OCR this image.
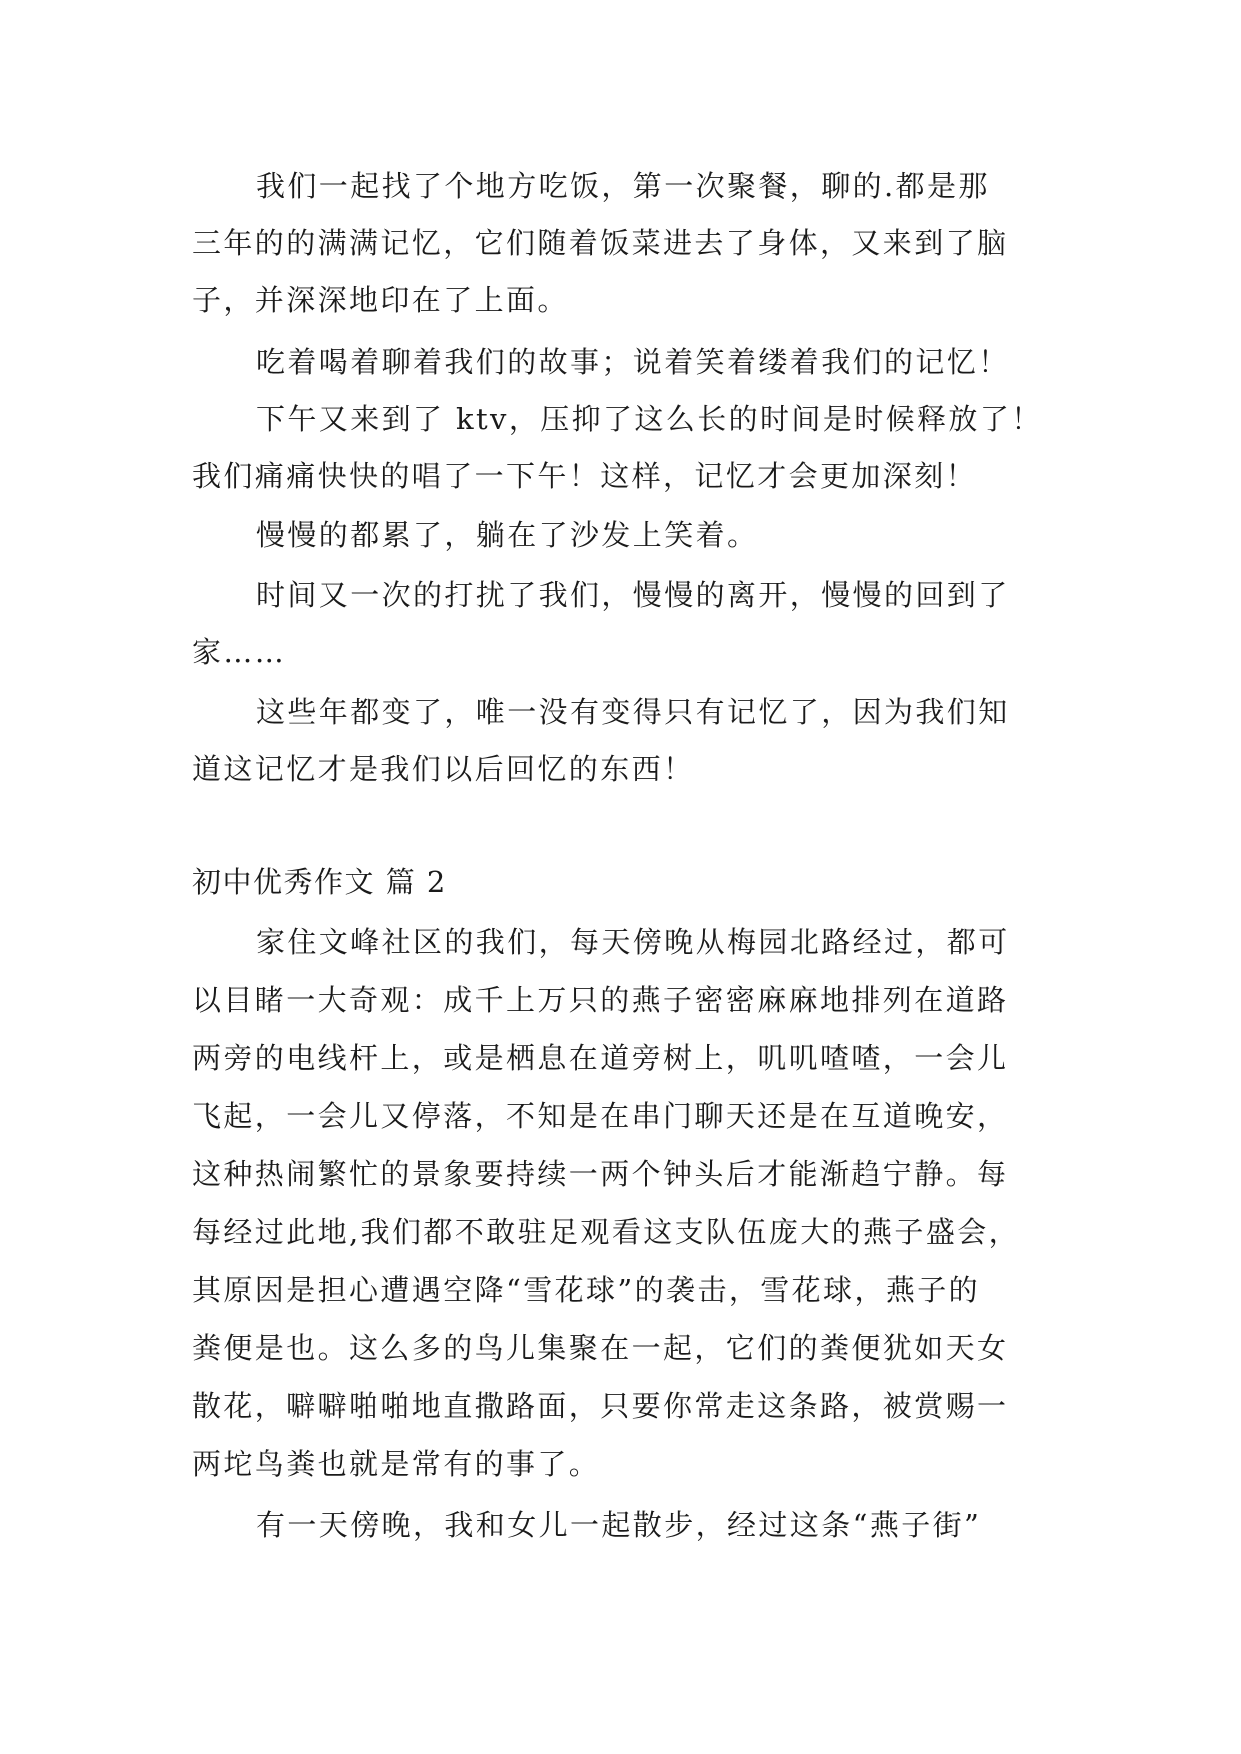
我们一起找了个地方吃饭，第一次聚餐，聊的.都是那
三年的的满满记忆，它们随着饭菜进去了身体，又来到了脑
子，并深深地印在了上面。
吃着喝着聊着我们的故事；说着笑着缕着我们的记忆！
下午又来到了 ktv，压抑了这么长的时间是时候释放了！
我们痛痛快快的唱了一下午！这样，记忆才会更加深刻！
慢慢的都累了，躺在了沙发上笑着。
时间又一次的打扰了我们，慢慢的离开，慢慢的回到了
家……
这些年都变了，唯一没有变得只有记忆了，因为我们知
道这记忆才是我们以后回忆的东西！
初中优秀作文 篇 2
家住文峰社区的我们，每天傍晚从梅园北路经过，都可
以目睹一大奇观：成千上万只的燕子密密麻麻地排列在道路
两旁的电线杆上，或是栖息在道旁树上，叽叽喳喳，一会儿
飞起，一会儿又停落，不知是在串门聊天还是在互道晚安，
这种热闹繁忙的景象要持续一两个钟头后才能渐趋宁静。每
每经过此地,我们都不敢驻足观看这支队伍庞大的燕子盛会，
其原因是担心遭遇空降“雪花球”的袭击，雪花球，燕子的
粪便是也。这么多的鸟儿集聚在一起，它们的粪便犹如天女
散花，噼噼啪啪地直撒路面，只要你常走这条路，被赏赐一
两坨鸟粪也就是常有的事了。
有一天傍晚，我和女儿一起散步，经过这条“燕子街”
